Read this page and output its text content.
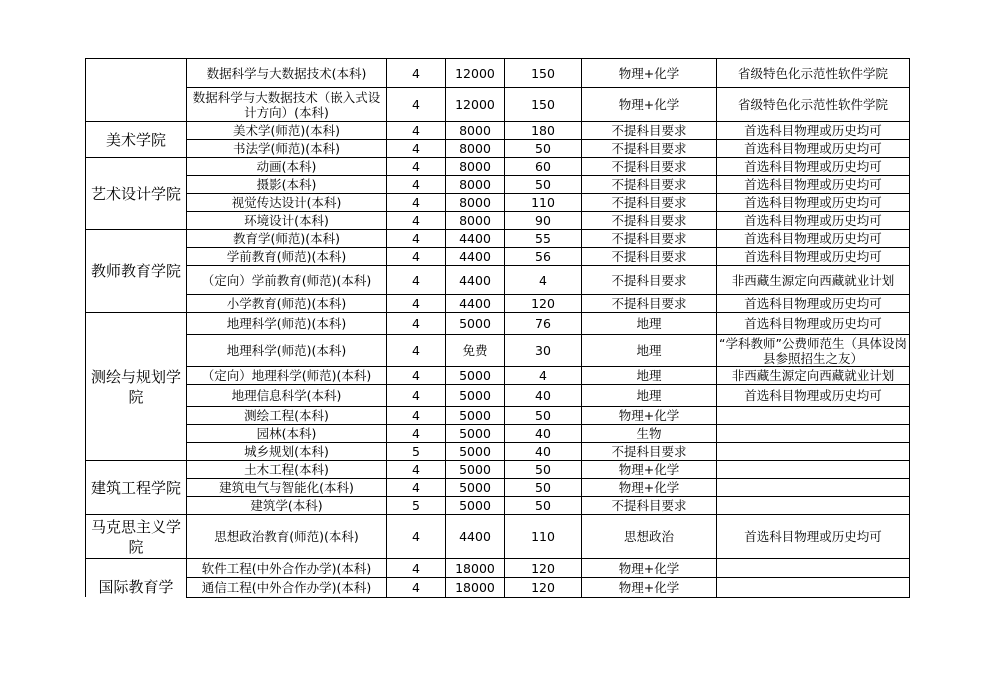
	数据科学与大数据技术(本科)	4	12000	150	物理+化学	省级特色化示范性软件学院
	数据科学与大数据技术（嵌入式设计方向）(本科)	4	12000	150	物理+化学	省级特色化示范性软件学院
美术学院	美术学(师范)(本科)	4	8000	180	不提科目要求	首选科目物理或历史均可
	书法学(师范)(本科)	4	8000	50	不提科目要求	首选科目物理或历史均可
艺术设计学院	动画(本科)	4	8000	60	不提科目要求	首选科目物理或历史均可
	摄影(本科)	4	8000	50	不提科目要求	首选科目物理或历史均可
	视觉传达设计(本科)	4	8000	110	不提科目要求	首选科目物理或历史均可
	环境设计(本科)	4	8000	90	不提科目要求	首选科目物理或历史均可
教师教育学院	教育学(师范)(本科)	4	4400	55	不提科目要求	首选科目物理或历史均可
	学前教育(师范)(本科)	4	4400	56	不提科目要求	首选科目物理或历史均可
	（定向）学前教育(师范)(本科)	4	4400	4	不提科目要求	非西藏生源定向西藏就业计划
	小学教育(师范)(本科)	4	4400	120	不提科目要求	首选科目物理或历史均可
测绘与规划学院	地理科学(师范)(本科)	4	5000	76	地理	首选科目物理或历史均可
	地理科学(师范)(本科)	4	免费	30	地理	“学科教师”公费师范生（具体设岗县参照招生之友）
	（定向）地理科学(师范)(本科)	4	5000	4	地理	非西藏生源定向西藏就业计划
	地理信息科学(本科)	4	5000	40	地理	首选科目物理或历史均可
	测绘工程(本科)	4	5000	50	物理+化学	
	园林(本科)	4	5000	40	生物	
	城乡规划(本科)	5	5000	40	不提科目要求	
建筑工程学院	土木工程(本科)	4	5000	50	物理+化学	
	建筑电气与智能化(本科)	4	5000	50	物理+化学	
	建筑学(本科)	5	5000	50	不提科目要求	
马克思主义学院	思想政治教育(师范)(本科)	4	4400	110	思想政治	首选科目物理或历史均可
国际教育学	软件工程(中外合作办学)(本科)	4	18000	120	物理+化学	
	通信工程(中外合作办学)(本科)	4	18000	120	物理+化学	
